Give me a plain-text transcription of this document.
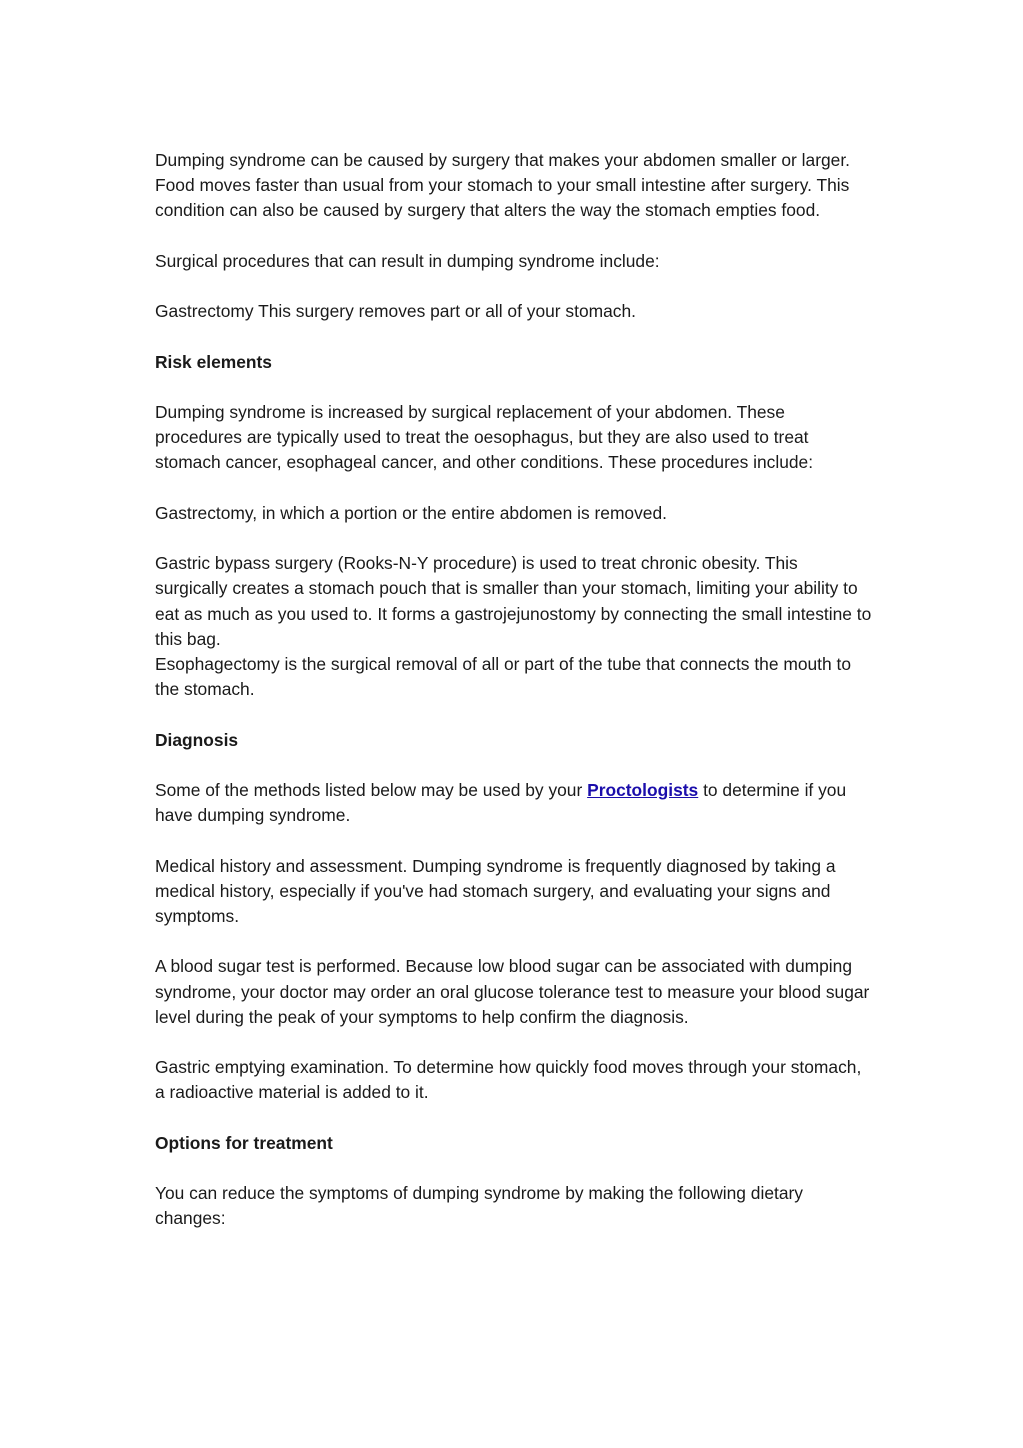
Dumping syndrome can be caused by surgery that makes your abdomen smaller or larger. Food moves faster than usual from your stomach to your small intestine after surgery. This condition can also be caused by surgery that alters the way the stomach empties food.

Surgical procedures that can result in dumping syndrome include:

Gastrectomy This surgery removes part or all of your stomach.

Risk elements

Dumping syndrome is increased by surgical replacement of your abdomen. These procedures are typically used to treat the oesophagus, but they are also used to treat stomach cancer, esophageal cancer, and other conditions. These procedures include:

Gastrectomy, in which a portion or the entire abdomen is removed.

Gastric bypass surgery (Rooks-N-Y procedure) is used to treat chronic obesity. This surgically creates a stomach pouch that is smaller than your stomach, limiting your ability to eat as much as you used to. It forms a gastrojejunostomy by connecting the small intestine to this bag.

Esophagectomy is the surgical removal of all or part of the tube that connects the mouth to the stomach.

Diagnosis

Some of the methods listed below may be used by your Proctologists to determine if you have dumping syndrome.

Medical history and assessment. Dumping syndrome is frequently diagnosed by taking a medical history, especially if you've had stomach surgery, and evaluating your signs and symptoms.

A blood sugar test is performed. Because low blood sugar can be associated with dumping syndrome, your doctor may order an oral glucose tolerance test to measure your blood sugar level during the peak of your symptoms to help confirm the diagnosis.

Gastric emptying examination. To determine how quickly food moves through your stomach, a radioactive material is added to it.

Options for treatment

You can reduce the symptoms of dumping syndrome by making the following dietary changes:
